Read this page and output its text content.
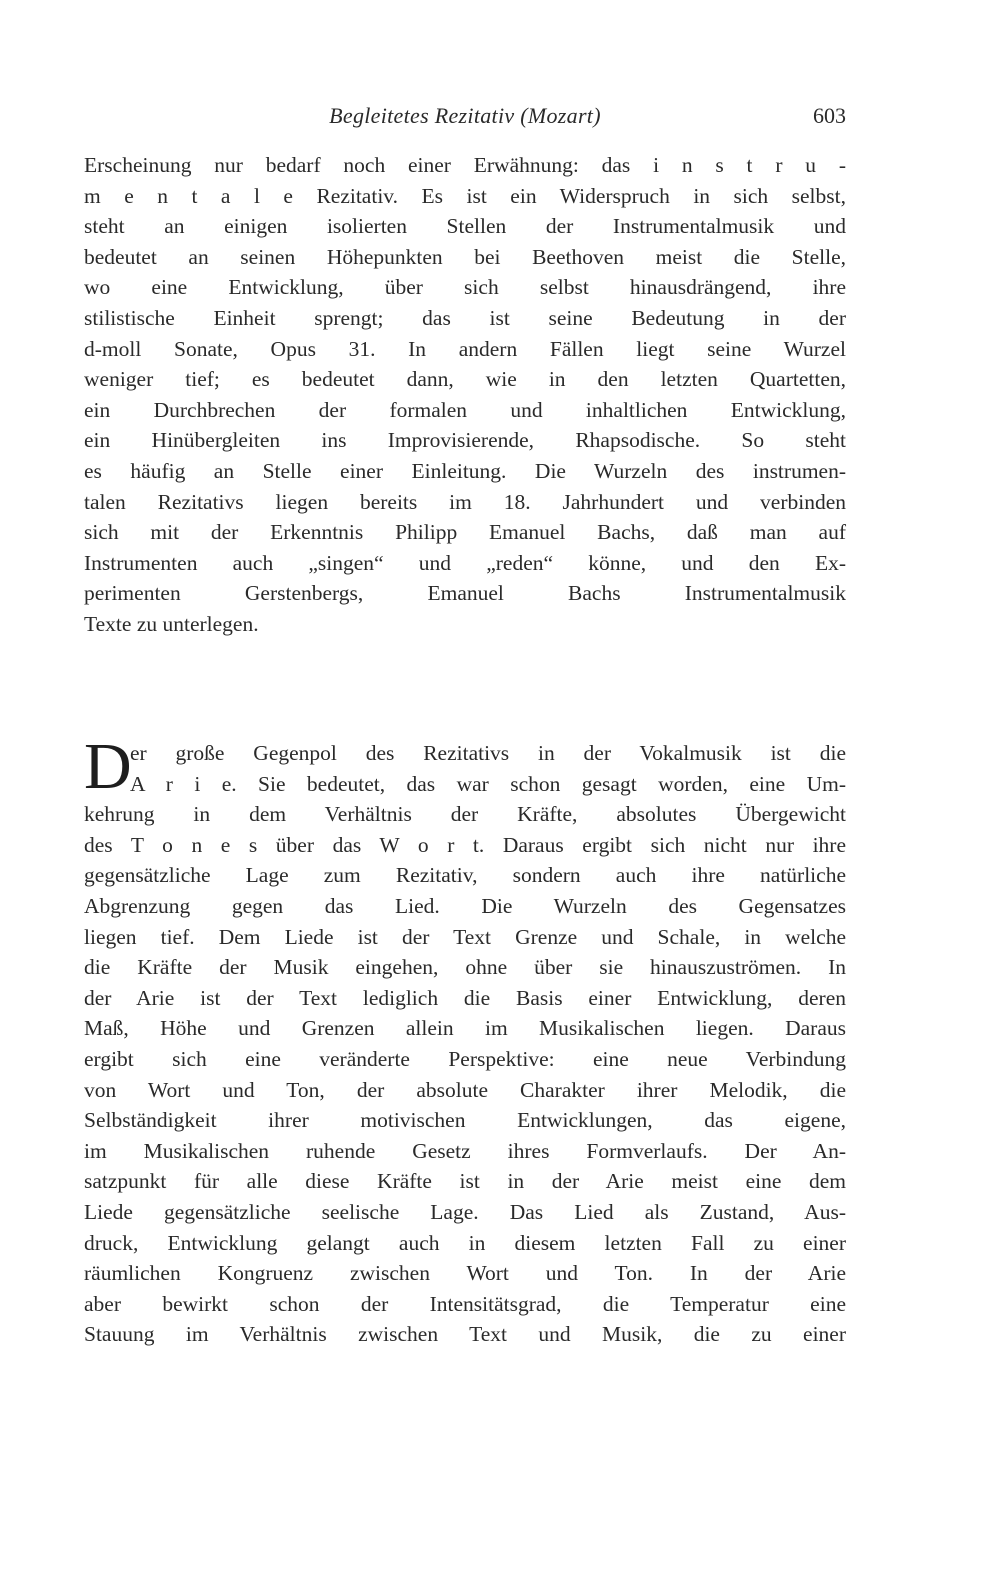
Begleitetes Rezitativ (Mozart)	603
Erscheinung nur bedarf noch einer Erwähnung: das i n s t r u -
m e n t a l e Rezitativ. Es ist ein Widerspruch in sich selbst,
steht an einigen isolierten Stellen der Instrumentalmusik und
bedeutet an seinen Höhepunkten bei Beethoven meist die Stelle,
wo eine Entwicklung, über sich selbst hinausdrängend, ihre
stilistische Einheit sprengt; das ist seine Bedeutung in der
d-moll Sonate, Opus 31. In andern Fällen liegt seine Wurzel
weniger tief; es bedeutet dann, wie in den letzten Quartetten,
ein Durchbrechen der formalen und inhaltlichen Entwicklung,
ein Hinübergleiten ins Improvisierende, Rhapsodische. So steht
es häufig an Stelle einer Einleitung. Die Wurzeln des instrumen-
talen Rezitativs liegen bereits im 18. Jahrhundert und verbinden
sich mit der Erkenntnis Philipp Emanuel Bachs, daß man auf
Instrumenten auch „singen“ und „reden“ könne, und den Ex-
perimenten Gerstenbergs, Emanuel Bachs Instrumentalmusik
Texte zu unterlegen.
D
er große Gegenpol des Rezitativs in der Vokalmusik ist die
A r i e. Sie bedeutet, das war schon gesagt worden, eine Um-
kehrung in dem Verhältnis der Kräfte, absolutes Übergewicht
des T o n e s über das W o r t. Daraus ergibt sich nicht nur ihre
gegensätzliche Lage zum Rezitativ, sondern auch ihre natürliche
Abgrenzung gegen das Lied. Die Wurzeln des Gegensatzes
liegen tief. Dem Liede ist der Text Grenze und Schale, in welche
die Kräfte der Musik eingehen, ohne über sie hinauszuströmen. In
der Arie ist der Text lediglich die Basis einer Entwicklung, deren
Maß, Höhe und Grenzen allein im Musikalischen liegen. Daraus
ergibt sich eine veränderte Perspektive: eine neue Verbindung
von Wort und Ton, der absolute Charakter ihrer Melodik, die
Selbständigkeit ihrer motivischen Entwicklungen, das eigene,
im Musikalischen ruhende Gesetz ihres Formverlaufs. Der An-
satzpunkt für alle diese Kräfte ist in der Arie meist eine dem
Liede gegensätzliche seelische Lage. Das Lied als Zustand, Aus-
druck, Entwicklung gelangt auch in diesem letzten Fall zu einer
räumlichen Kongruenz zwischen Wort und Ton. In der Arie
aber bewirkt schon der Intensitätsgrad, die Temperatur eine
Stauung im Verhältnis zwischen Text und Musik, die zu einer
